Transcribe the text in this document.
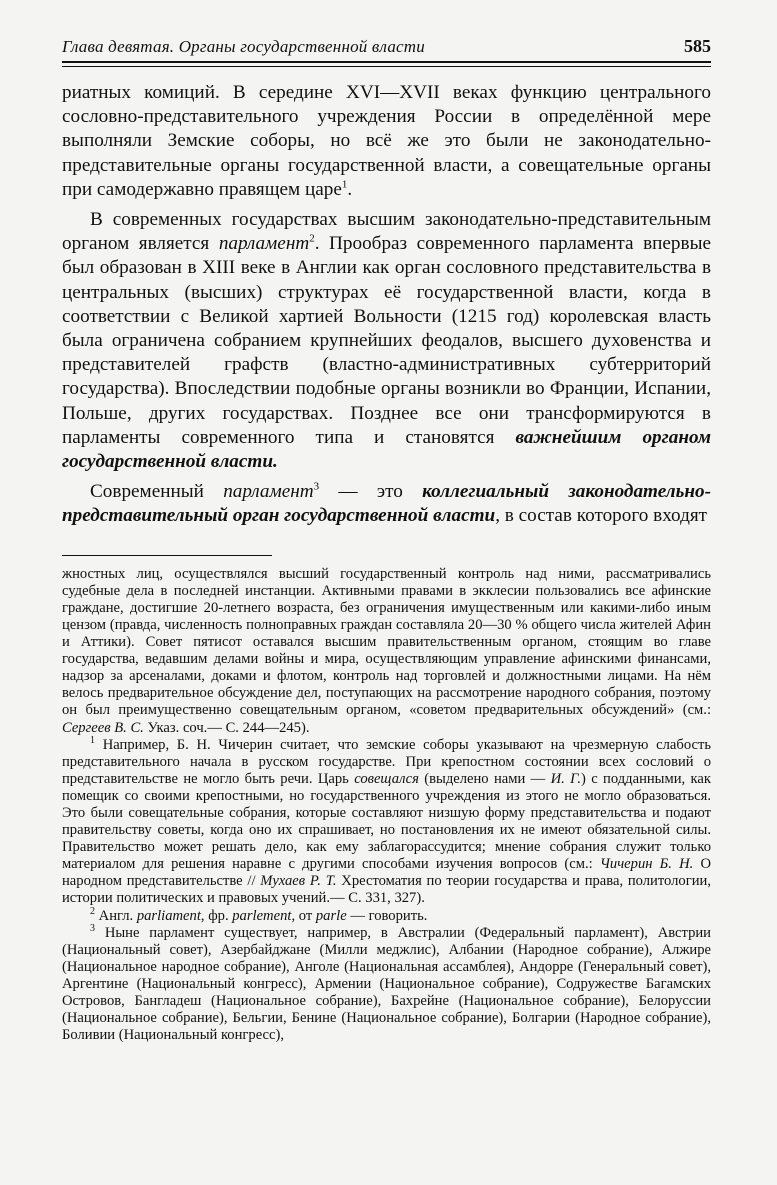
Глава девятая. Органы государственной власти	585

риатных комиций. В середине XVI—XVII веках функцию центрального сословно-представительного учреждения России в определённой мере выполняли Земские соборы, но всё же это были не законодательно-представительные органы государственной власти, а совещательные органы при самодержавно правящем царе$^1$.

В современных государствах высшим законодательно-представительным органом является парламент$^2$. Прообраз современного парламента впервые был образован в XIII веке в Англии как орган сословного представительства в центральных (высших) структурах её государственной власти, когда в соответствии с Великой хартией Вольности (1215 год) королевская власть была ограничена собранием крупнейших феодалов, высшего духовенства и представителей графств (властно-административных субтерриторий государства). Впоследствии подобные органы возникли во Франции, Испании, Польше, других государствах. Позднее все они трансформируются в парламенты современного типа и становятся важнейшим органом государственной власти.

Современный парламент$^3$ — это коллегиальный законодательно-представительный орган государственной власти, в состав которого входят

жностных лиц, осуществлялся высший государственный контроль над ними, рассматривались судебные дела в последней инстанции. Активными правами в экклесии пользовались все афинские граждане, достигшие 20-летнего возраста, без ограничения имущественным или какими-либо иным цензом (правда, численность полноправных граждан составляла 20—30 % общего числа жителей Афин и Аттики). Совет пятисот оставался высшим правительственным органом, стоящим во главе государства, ведавшим делами войны и мира, осуществляющим управление афинскими финансами, надзор за арсеналами, доками и флотом, контроль над торговлей и должностными лицами. На нём велось предварительное обсуждение дел, поступающих на рассмотрение народного собрания, поэтому он был преимущественно совещательным органом, «советом предварительных обсуждений» (см.: Сергеев В. С. Указ. соч.— С. 244—245).

$^1$ Например, Б. Н. Чичерин считает, что земские соборы указывают на чрезмерную слабость представительного начала в русском государстве. При крепостном состоянии всех сословий о представительстве не могло быть речи. Царь совещался (выделено нами — И. Г.) с подданными, как помещик со своими крепостными, но государственного учреждения из этого не могло образоваться. Это были совещательные собрания, которые составляют низшую форму представительства и подают правительству советы, когда оно их спрашивает, но постановления их не имеют обязательной силы. Правительство может решать дело, как ему заблагорассудится; мнение собрания служит только материалом для решения наравне с другими способами изучения вопросов (см.: Чичерин Б. Н. О народном представительстве // Мухаев Р. Т. Хрестоматия по теории государства и права, политологии, истории политических и правовых учений.— С. 331, 327).

$^2$ Англ. parliament, фр. parlement, от parle — говорить.

$^3$ Ныне парламент существует, например, в Австралии (Федеральный парламент), Австрии (Национальный совет), Азербайджане (Милли меджлис), Албании (Народное собрание), Алжире (Национальное народное собрание), Анголе (Национальная ассамблея), Андорре (Генеральный совет), Аргентине (Национальный конгресс), Армении (Национальное собрание), Содружестве Багамских Островов, Бангладеш (Национальное собрание), Бахрейне (Национальное собрание), Белоруссии (Национальное собрание), Бельгии, Бенине (Национальное собрание), Болгарии (Народное собрание), Боливии (Национальный конгресс),
